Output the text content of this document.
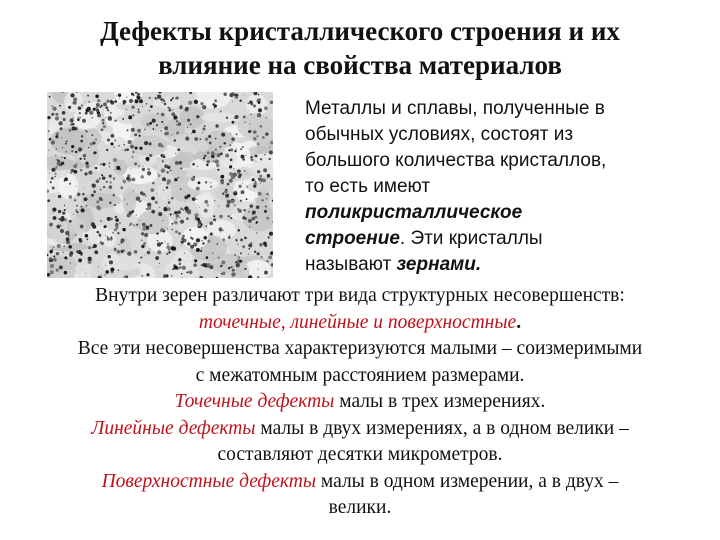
Дефекты кристаллического строения и их
влияние на свойства материалов
Металлы и сплавы, полученные в
обычных условиях, состоят из
большого количества кристаллов,
то есть имеют
поликристаллическое
строение. Эти кристаллы
называют зернами.
Внутри зерен различают три вида структурных несовершенств:
точечные, линейные и поверхностные.
Все эти несовершенства характеризуются малыми – соизмеримыми
с межатомным расстоянием размерами.
Точечные дефекты малы в трех измерениях.
Линейные дефекты малы в двух измерениях, а в одном велики –
составляют десятки микрометров.
Поверхностные дефекты малы в одном измерении, а в двух –
велики.
